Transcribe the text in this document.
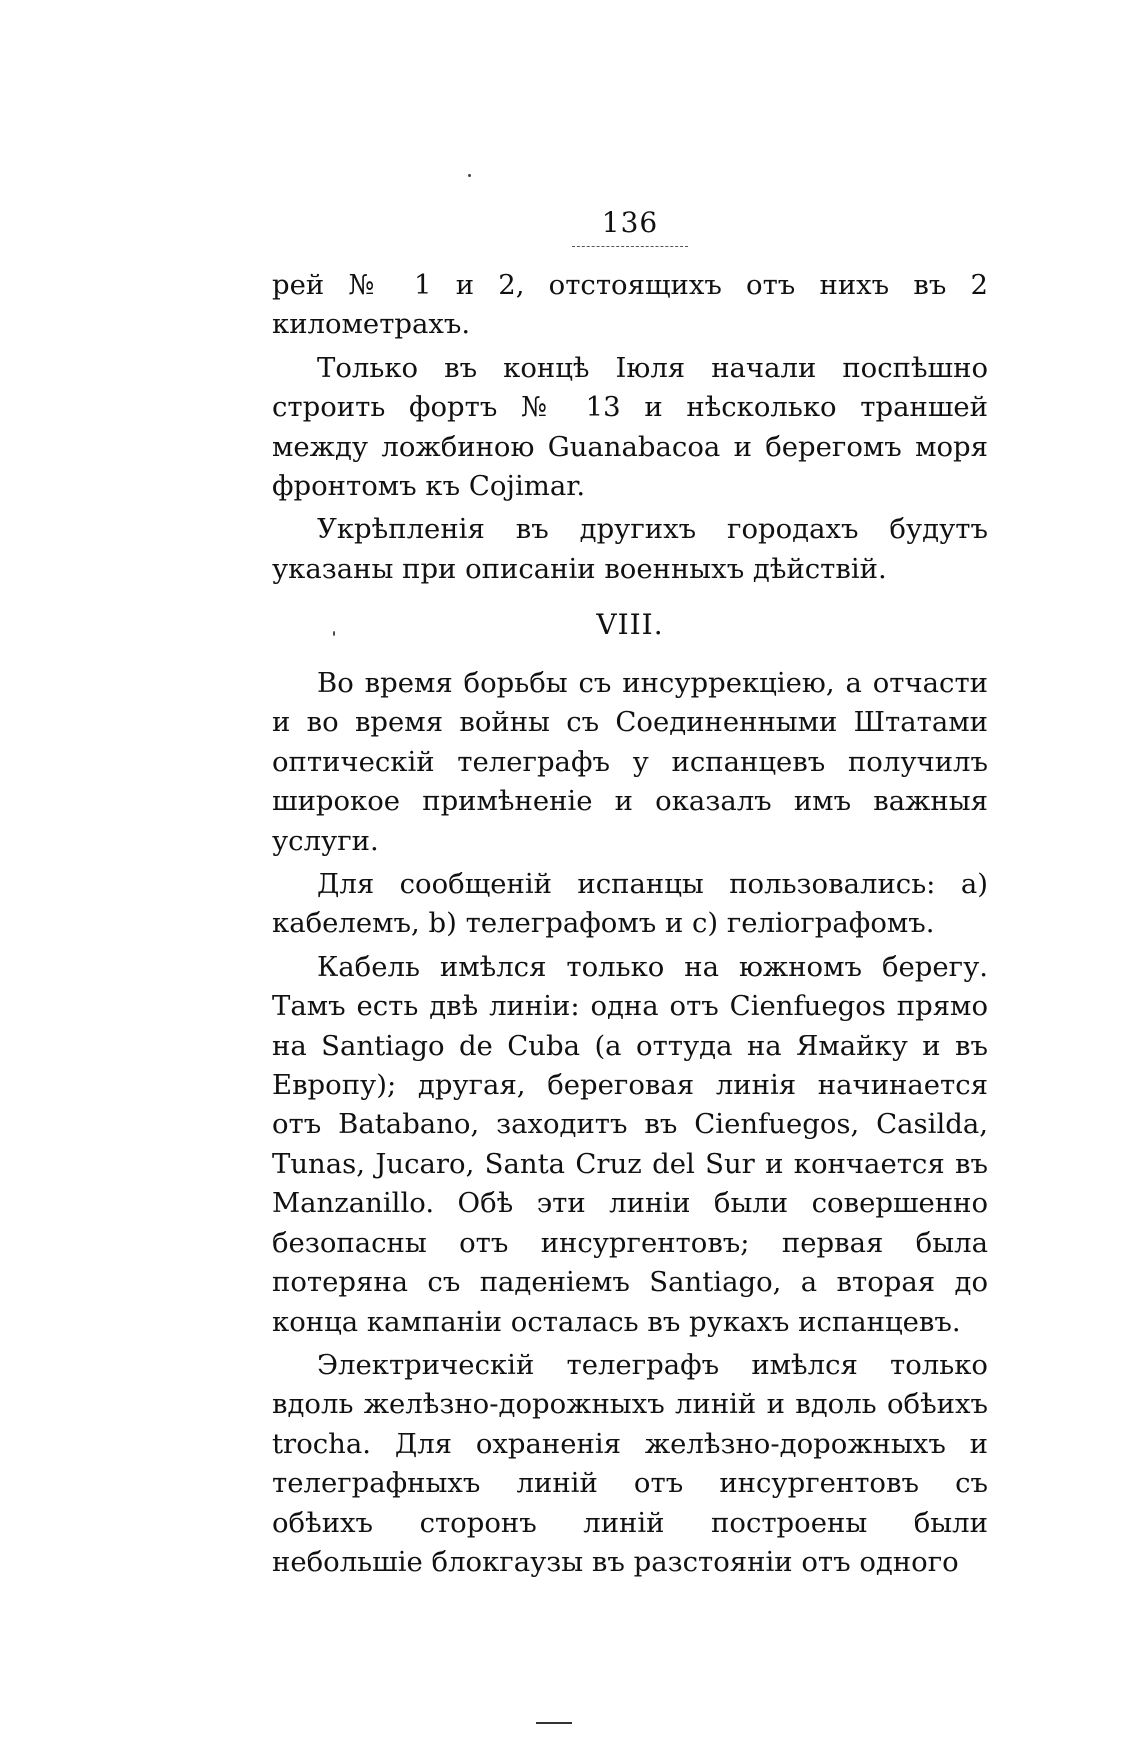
136

рей № 1 и 2, отстоящихъ отъ нихъ въ 2 километрахъ.

Только въ концѣ Іюля начали поспѣшно строить фортъ № 13 и нѣсколько траншей между ложбиною Guanabacoa и берегомъ моря фронтомъ къ Cojimar.

Укрѣпленія въ другихъ городахъ будутъ указаны при описаніи военныхъ дѣйствій.

VIII.

Во время борьбы съ инсуррекціею, а отчасти и во время войны съ Соединенными Штатами оптическій телеграфъ у испанцевъ получилъ широкое примѣненіе и оказалъ имъ важныя услуги.

Для сообщеній испанцы пользовались: a) кабелемъ, b) телеграфомъ и c) геліографомъ.

Кабель имѣлся только на южномъ берегу. Тамъ есть двѣ линіи: одна отъ Cienfuegos прямо на Santiago de Cuba (а оттуда на Ямайку и въ Европу); другая, береговая линія начинается отъ Batabano, заходитъ въ Cienfuegos, Casilda, Tunas, Jucaro, Santa Cruz del Sur и кончается въ Manzanillo. Обѣ эти линіи были совершенно безопасны отъ инсургентовъ; первая была потеряна съ паденіемъ Santiago, а вторая до конца кампаніи осталась въ рукахъ испанцевъ.

Электрическій телеграфъ имѣлся только вдоль желѣзно-дорожныхъ линій и вдоль обѣихъ trocha. Для охраненія желѣзно-дорожныхъ и телеграфныхъ линій отъ инсургентовъ съ обѣихъ сторонъ линій построены были небольшіе блокгаузы въ разстояніи отъ одного
